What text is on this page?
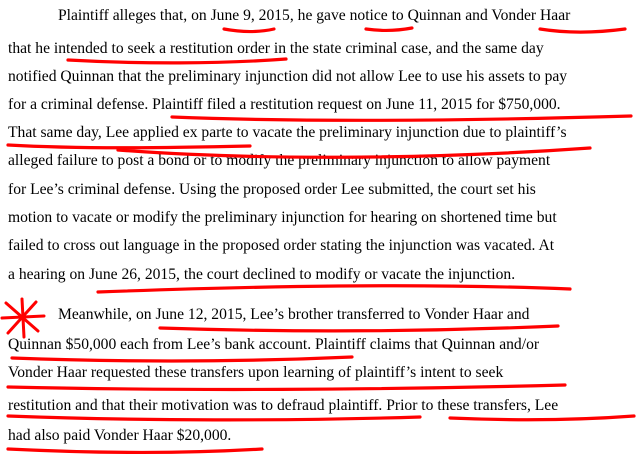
Plaintiff alleges that, on June 9, 2015, he gave notice to Quinnan and Vonder Haar

that he intended to seek a restitution order in the state criminal case, and the same day

notified Quinnan that the preliminary injunction did not allow Lee to use his assets to pay

for a criminal defense. Plaintiff filed a restitution request on June 11, 2015 for $750,000.

That same day, Lee applied ex parte to vacate the preliminary injunction due to plaintiff’s

alleged failure to post a bond or to modify the preliminary injunction to allow payment

for Lee’s criminal defense. Using the proposed order Lee submitted, the court set his

motion to vacate or modify the preliminary injunction for hearing on shortened time but

failed to cross out language in the proposed order stating the injunction was vacated. At

a hearing on June 26, 2015, the court declined to modify or vacate the injunction.

Meanwhile, on June 12, 2015, Lee’s brother transferred to Vonder Haar and

Quinnan $50,000 each from Lee’s bank account. Plaintiff claims that Quinnan and/or

Vonder Haar requested these transfers upon learning of plaintiff’s intent to seek

restitution and that their motivation was to defraud plaintiff. Prior to these transfers, Lee

had also paid Vonder Haar $20,000.
